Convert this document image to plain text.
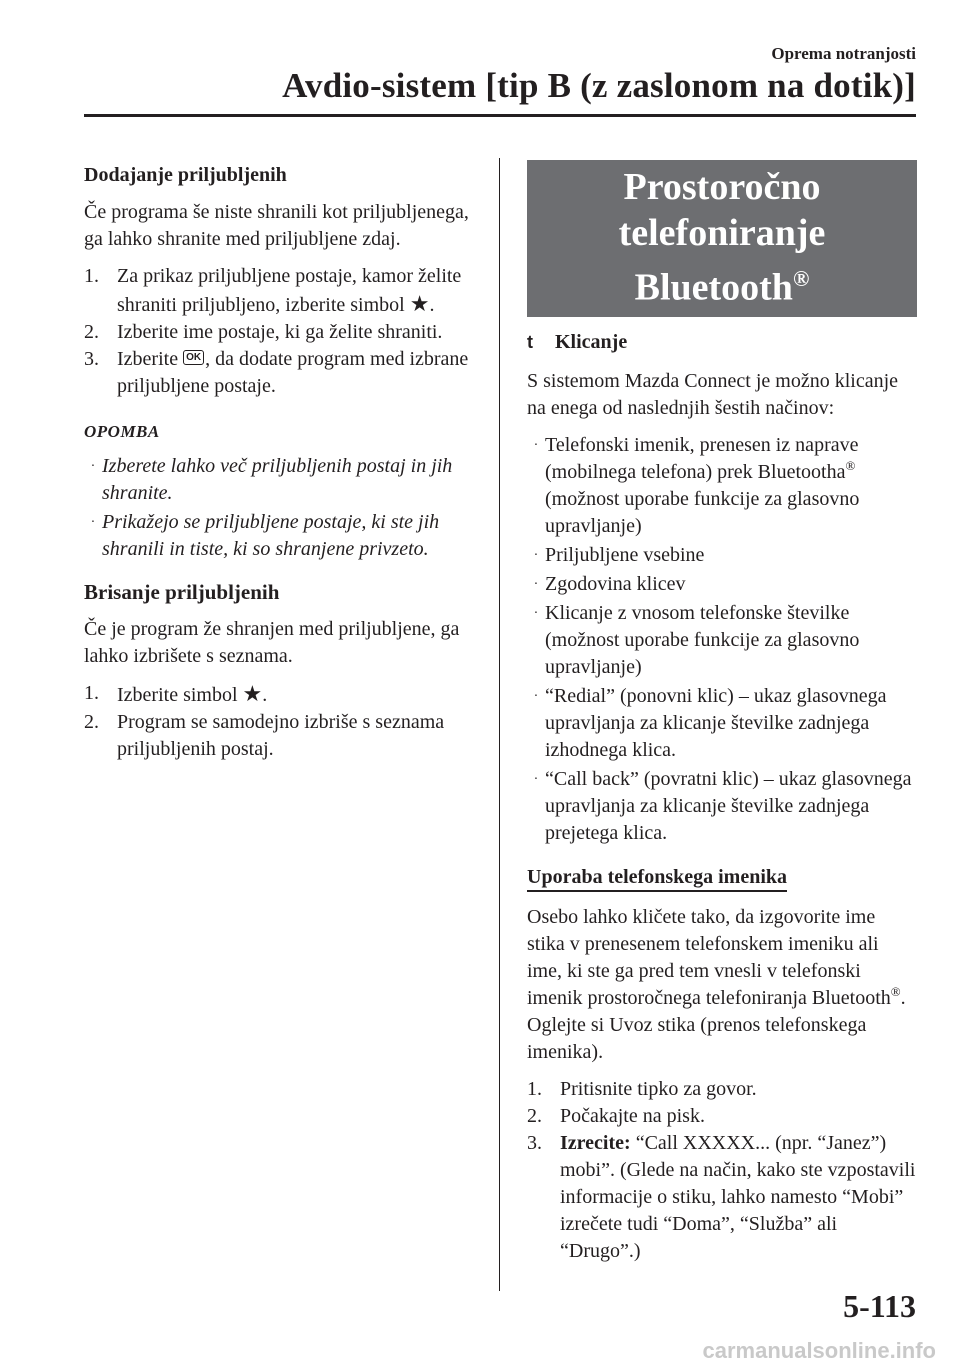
Oprema notranjosti
Avdio-sistem [tip B (z zaslonom na dotik)]
Dodajanje priljubljenih

Če programa še niste shranili kot priljubljenega, ga lahko shranite med priljubljene zdaj.

1. Za prikaz priljubljene postaje, kamor želite shraniti priljubljeno, izberite simbol ★.
2. Izberite ime postaje, ki ga želite shraniti.
3. Izberite OK , da dodate program med izbrane priljubljene postaje.
OPOMBA
· Izberete lahko več priljubljenih postaj in jih shranite.
· Prikažejo se priljubljene postaje, ki ste jih shranili in tiste, ki so shranjene privzeto.
Brisanje priljubljenih

Če je program že shranjen med priljubljene, ga lahko izbrišete s seznama.

1. Izberite simbol ★.
2. Program se samodejno izbriše s seznama priljubljenih postaj.
Prostoročno telefoniranje
Bluetooth®
t	Klicanje

S sistemom Mazda Connect je možno klicanje na enega od naslednjih šestih načinov:

· Telefonski imenik, prenesen iz naprave (mobilnega telefona) prek Bluetootha® (možnost uporabe funkcije za glasovno upravljanje)
· Priljubljene vsebine
· Zgodovina klicev
· Klicanje z vnosom telefonske številke (možnost uporabe funkcije za glasovno upravljanje)
· “Redial” (ponovni klic) – ukaz glasovnega upravljanja za klicanje številke zadnjega izhodnega klica.
· “Call back” (povratni klic) – ukaz glasovnega upravljanja za klicanje številke zadnjega prejetega klica.
Uporaba telefonskega imenika

Osebo lahko kličete tako, da izgovorite ime stika v prenesenem telefonskem imeniku ali ime, ki ste ga pred tem vnesli v telefonski imenik prostoročnega telefoniranja Bluetooth®. Oglejte si Uvoz stika (prenos telefonskega imenika).

1. Pritisnite tipko za govor.
2. Počakajte na pisk.
3. Izrecite: “Call XXXXX... (npr. “Janez”) mobi”. (Glede na način, kako ste vzpostavili informacije o stiku, lahko namesto “Mobi” izrečete tudi “Doma”, “Služba” ali “Drugo”.)
5-113
carmanualsonline.info
